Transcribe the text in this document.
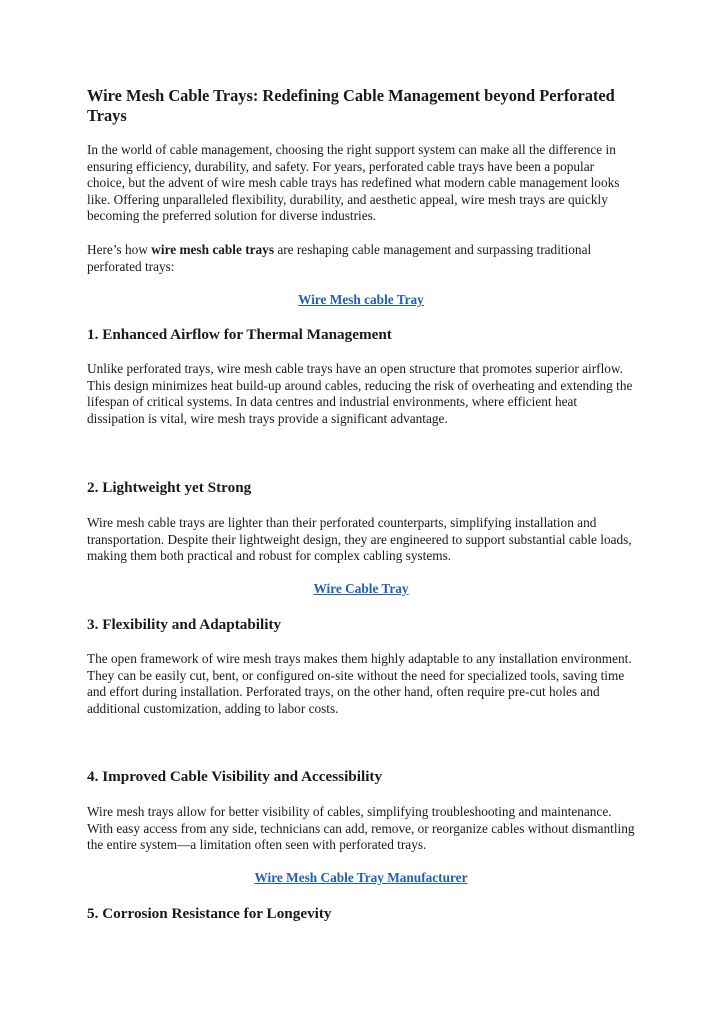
Wire Mesh Cable Trays: Redefining Cable Management beyond Perforated Trays

In the world of cable management, choosing the right support system can make all the difference in ensuring efficiency, durability, and safety. For years, perforated cable trays have been a popular choice, but the advent of wire mesh cable trays has redefined what modern cable management looks like. Offering unparalleled flexibility, durability, and aesthetic appeal, wire mesh trays are quickly becoming the preferred solution for diverse industries.

Here’s how wire mesh cable trays are reshaping cable management and surpassing traditional perforated trays:

Wire Mesh cable Tray
1. Enhanced Airflow for Thermal Management

Unlike perforated trays, wire mesh cable trays have an open structure that promotes superior airflow. This design minimizes heat build-up around cables, reducing the risk of overheating and extending the lifespan of critical systems. In data centres and industrial environments, where efficient heat dissipation is vital, wire mesh trays provide a significant advantage.

2. Lightweight yet Strong

Wire mesh cable trays are lighter than their perforated counterparts, simplifying installation and transportation. Despite their lightweight design, they are engineered to support substantial cable loads, making them both practical and robust for complex cabling systems.

Wire Cable Tray
3. Flexibility and Adaptability

The open framework of wire mesh trays makes them highly adaptable to any installation environment. They can be easily cut, bent, or configured on-site without the need for specialized tools, saving time and effort during installation. Perforated trays, on the other hand, often require pre-cut holes and additional customization, adding to labor costs.

4. Improved Cable Visibility and Accessibility

Wire mesh trays allow for better visibility of cables, simplifying troubleshooting and maintenance. With easy access from any side, technicians can add, remove, or reorganize cables without dismantling the entire system—a limitation often seen with perforated trays.

Wire Mesh Cable Tray Manufacturer
5. Corrosion Resistance for Longevity
